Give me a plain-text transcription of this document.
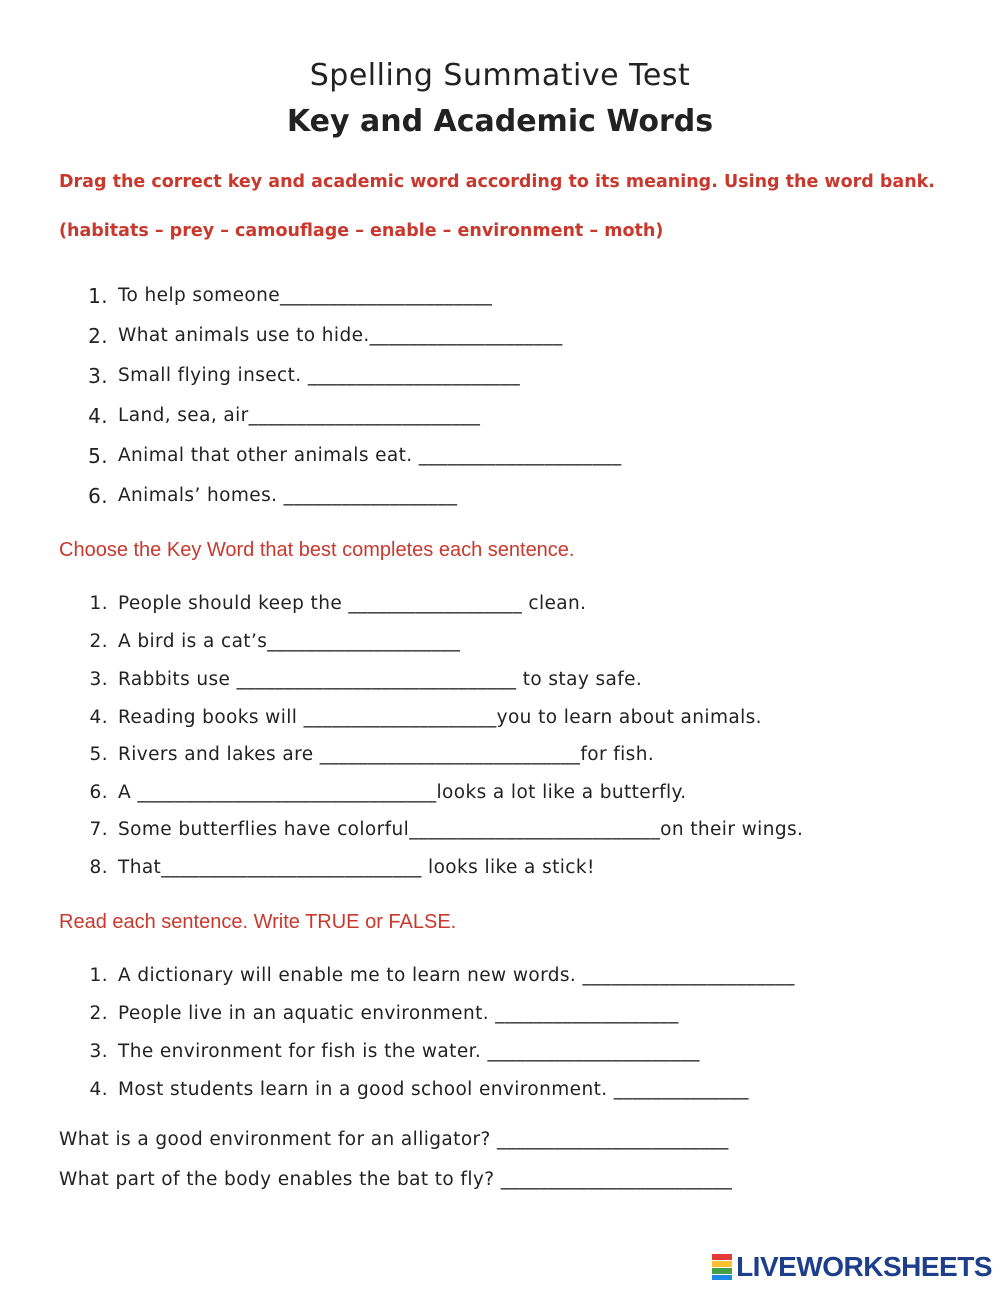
Spelling Summative Test
Key and Academic Words

Drag the correct key and academic word according to its meaning. Using the word bank. (habitats – prey – camouflage – enable – environment – moth)

1. To help someone______________________
2. What animals use to hide.____________________
3. Small flying insect. ______________________
4. Land, sea, air________________________
5. Animal that other animals eat. _____________________
6. Animals’ homes. __________________
Choose the Key Word that best completes each sentence.
1. People should keep the __________________ clean.
2. A bird is a cat’s____________________
3. Rabbits use _____________________________ to stay safe.
4. Reading books will ____________________you to learn about animals.
5. Rivers and lakes are ___________________________for fish.
6. A _______________________________looks a lot like a butterfly.
7. Some butterflies have colorful__________________________on their wings.
8. That___________________________ looks like a stick!
Read each sentence. Write TRUE or FALSE.
1. A dictionary will enable me to learn new words. ______________________
2. People live in an aquatic environment. ___________________
3. The environment for fish is the water. ______________________
4. Most students learn in a good school environment. ______________

What is a good environment for an alligator? ________________________

What part of the body enables the bat to fly? ________________________

LIVEWORKSHEETS
